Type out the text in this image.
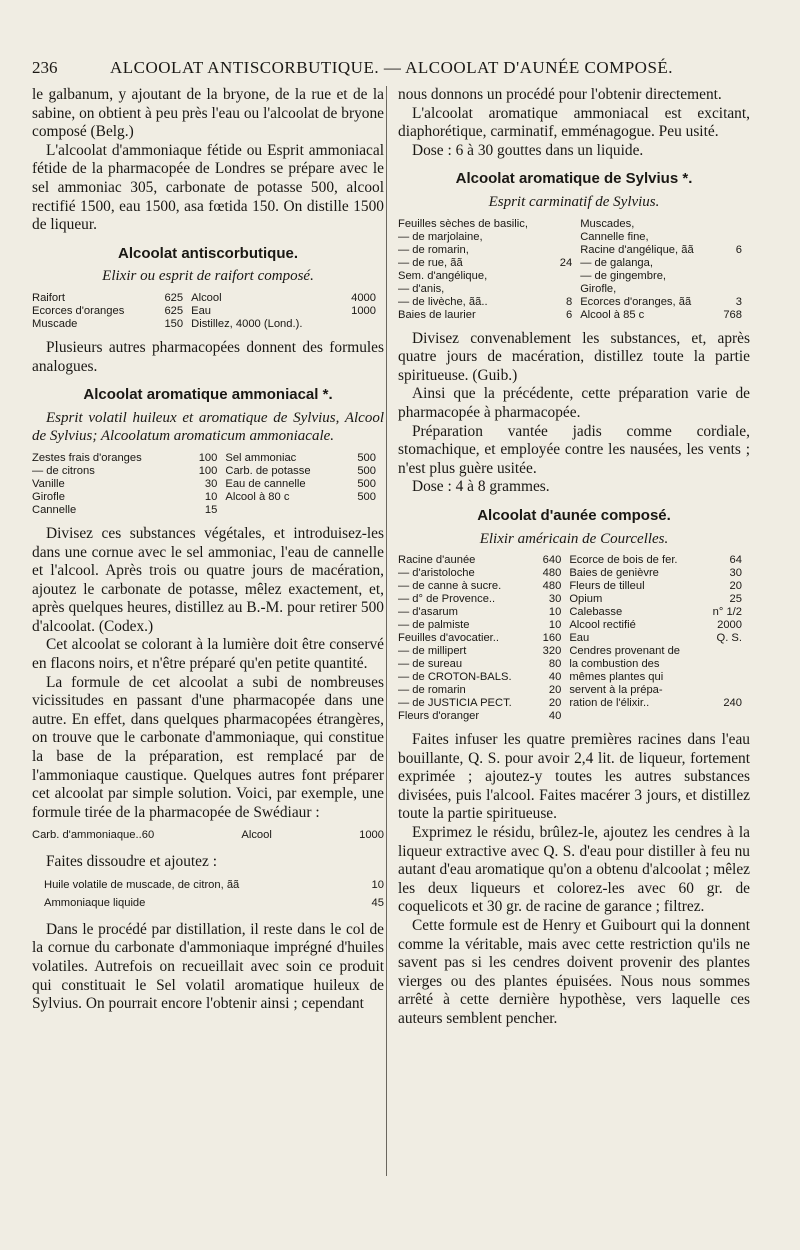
236	ALCOOLAT ANTISCORBUTIQUE. — ALCOOLAT D'AUNÉE COMPOSÉ.

le galbanum, y ajoutant de la bryone, de la rue et de la sabine, on obtient à peu près l'eau ou l'alcoolat de bryone composé (Belg.)

L'alcoolat d'ammoniaque fétide ou Esprit ammoniacal fétide de la pharmacopée de Londres se prépare avec le sel ammoniac 305, carbonate de potasse 500, alcool rectifié 1500, eau 1500, asa fœtida 150. On distille 1500 de liqueur.

Alcoolat antiscorbutique.
Elixir ou esprit de raifort composé.
Raifort	625	Alcool	4000
Ecorces d'oranges	625	Eau	1000
Muscade	150	Distillez, 4000 (Lond.).	

Plusieurs autres pharmacopées donnent des formules analogues.

Alcoolat aromatique ammoniacal *.
Esprit volatil huileux et aromatique de Sylvius, Alcool de Sylvius; Alcoolatum aromaticum ammoniacale.
Zestes frais d'oranges	100	Sel ammoniac	500
— de citrons	100	Carb. de potasse	500
Vanille	30	Eau de cannelle	500
Girofle	10	Alcool à 80 c	500
Cannelle	15		

Divisez ces substances végétales, et introduisez-les dans une cornue avec le sel ammoniac, l'eau de cannelle et l'alcool. Après trois ou quatre jours de macération, ajoutez le carbonate de potasse, mêlez exactement, et, après quelques heures, distillez au B.-M. pour retirer 500 d'alcoolat. (Codex.)

Cet alcoolat se colorant à la lumière doit être conservé en flacons noirs, et n'être préparé qu'en petite quantité.

La formule de cet alcoolat a subi de nombreuses vicissitudes en passant d'une pharmacopée dans une autre. En effet, dans quelques pharmacopées étrangères, on trouve que le carbonate d'ammoniaque, qui constitue la base de la préparation, est remplacé par de l'ammoniaque caustique. Quelques autres font préparer cet alcoolat par simple solution. Voici, par exemple, une formule tirée de la pharmacopée de Swédiaur :

Carb. d'ammoniaque.. 60	Alcool	1000

Faites dissoudre et ajoutez :

Huile volatile de muscade, de citron, ãã	10
Ammoniaque liquide	45

Dans le procédé par distillation, il reste dans le col de la cornue du carbonate d'ammoniaque imprégné d'huiles volatiles. Autrefois on recueillait avec soin ce produit qui constituait le Sel volatil aromatique huileux de Sylvius. On pourrait encore l'obtenir ainsi ; cependant

nous donnons un procédé pour l'obtenir directement.

L'alcoolat aromatique ammoniacal est excitant, diaphorétique, carminatif, emménagogue. Peu usité.

Dose : 6 à 30 gouttes dans un liquide.

Alcoolat aromatique de Sylvius *.
Esprit carminatif de Sylvius.
Feuilles sèches de basilic,		Muscades,	
— de marjolaine,		Cannelle fine,	
— de romarin,		Racine d'angélique, ãã	6
— de rue, ãã	24	— de galanga,	
Sem. d'angélique,		— de gingembre,	
— d'anis,		Girofle,	
— de livèche, ãã..	8	Ecorces d'oranges, ãã	3
Baies de laurier	6	Alcool à 85 c	768

Divisez convenablement les substances, et, après quatre jours de macération, distillez toute la partie spiritueuse. (Guib.)

Ainsi que la précédente, cette préparation varie de pharmacopée à pharmacopée.

Préparation vantée jadis comme cordiale, stomachique, et employée contre les nausées, les vents ; n'est plus guère usitée.

Dose : 4 à 8 grammes.

Alcoolat d'aunée composé.
Elixir américain de Courcelles.
Racine d'aunée	640	Ecorce de bois de fer.	64
— d'aristoloche	480	Baies de genièvre	30
— de canne à sucre.	480	Fleurs de tilleul	20
— d° de Provence..	30	Opium	25
— d'asarum	10	Calebasse	n° 1/2
— de palmiste	10	Alcool rectifié	2000
Feuilles d'avocatier..	160	Eau	Q. S.
— de millipert	320	Cendres provenant de	
— de sureau	80	la combustion des	
— de CROTON-BALS.	40	mêmes plantes qui	
— de romarin	20	servent à la prépa-	
— de JUSTICIA PECT.	20	ration de l'élixir..	240
Fleurs d'oranger	40		

Faites infuser les quatre premières racines dans l'eau bouillante, Q. S. pour avoir 2,4 lit. de liqueur, fortement exprimée ; ajoutez-y toutes les autres substances divisées, puis l'alcool. Faites macérer 3 jours, et distillez toute la partie spiritueuse.

Exprimez le résidu, brûlez-le, ajoutez les cendres à la liqueur extractive avec Q. S. d'eau pour distiller à feu nu autant d'eau aromatique qu'on a obtenu d'alcoolat ; mêlez les deux liqueurs et colorez-les avec 60 gr. de coquelicots et 30 gr. de racine de garance ; filtrez.

Cette formule est de Henry et Guibourt qui la donnent comme la véritable, mais avec cette restriction qu'ils ne savent pas si les cendres doivent provenir des plantes vierges ou des plantes épuisées. Nous nous sommes arrêté à cette dernière hypothèse, vers laquelle ces auteurs semblent pencher.
